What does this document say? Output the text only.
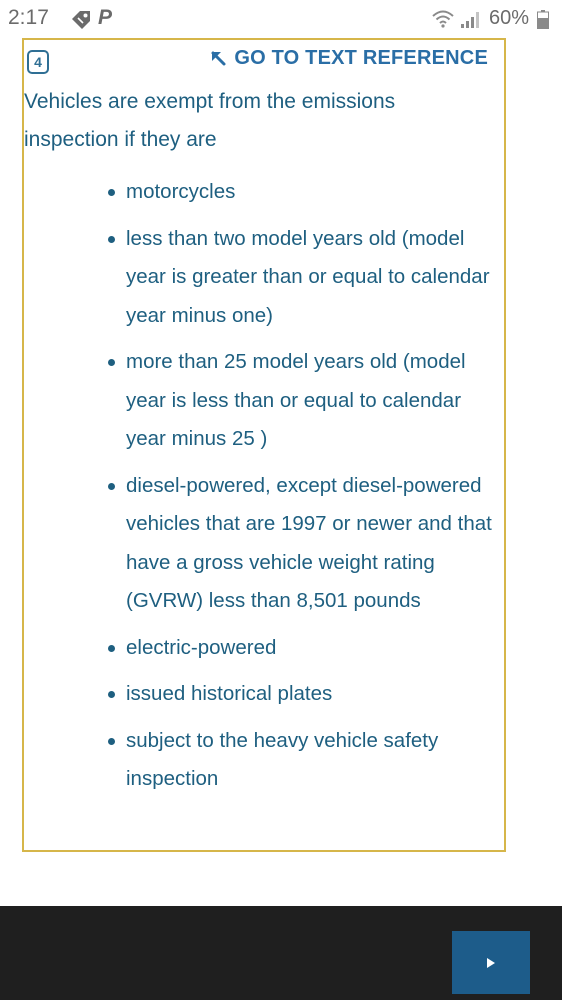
2:17 P	60%
4	GO TO TEXT REFERENCE
Vehicles are exempt from the emissions inspection if they are
motorcycles
less than two model years old (model year is greater than or equal to calendar year minus one)
more than 25 model years old (model year is less than or equal to calendar year minus 25 )
diesel-powered, except diesel-powered vehicles that are 1997 or newer and that have a gross vehicle weight rating (GVRW) less than 8,501 pounds
electric-powered
issued historical plates
subject to the heavy vehicle safety inspection
